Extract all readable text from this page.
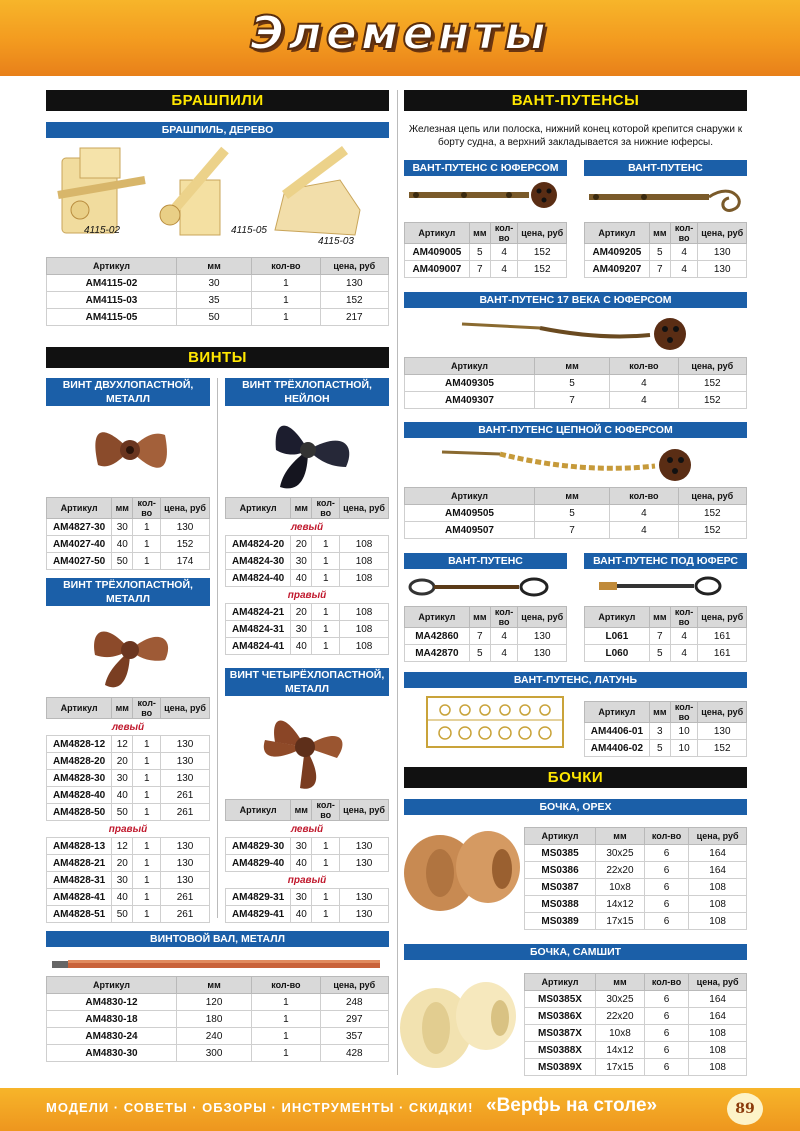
Элементы
БРАШПИЛИ
БРАШПИЛЬ, ДЕРЕВО
4115-02	4115-05
4115-03
Артикул	мм	кол-во	цена, руб
AM4115-02	30	1	130
AM4115-03	35	1	152
AM4115-05	50	1	217
ВИНТЫ
ВИНТ ДВУХЛОПАСТНОЙ, МЕТАЛЛ
Артикул	мм	кол-во	цена, руб
AM4827-30	30	1	130
AM4027-40	40	1	152
AM4027-50	50	1	174
ВИНТ ТРЁХЛОПАСТНОЙ, МЕТАЛЛ
Артикул	мм	кол-во	цена, руб
левый			
AM4828-12	12	1	130
AM4828-20	20	1	130
AM4828-30	30	1	130
AM4828-40	40	1	261
AM4828-50	50	1	261
правый			
AM4828-13	12	1	130
AM4828-21	20	1	130
AM4828-31	30	1	130
AM4828-41	40	1	261
AM4828-51	50	1	261
ВИНТ ТРЁХЛОПАСТНОЙ, НЕЙЛОН
Артикул	мм	кол-во	цена, руб
левый			
AM4824-20	20	1	108
AM4824-30	30	1	108
AM4824-40	40	1	108
правый			
AM4824-21	20	1	108
AM4824-31	30	1	108
AM4824-41	40	1	108
ВИНТ ЧЕТЫРЁХЛОПАСТНОЙ, МЕТАЛЛ
Артикул	мм	кол-во	цена, руб
левый			
AM4829-30	30	1	130
AM4829-40	40	1	130
правый			
AM4829-31	30	1	130
AM4829-41	40	1	130
ВИНТОВОЙ ВАЛ, МЕТАЛЛ
Артикул	мм	кол-во	цена, руб
AM4830-12	120	1	248
AM4830-18	180	1	297
AM4830-24	240	1	357
AM4830-30	300	1	428
ВАНТ-ПУТЕНСЫ
Железная цепь или полоска, нижний конец которой крепится снаружи к борту судна, а верхний закладывается за нижние юферсы.
ВАНТ-ПУТЕНС С ЮФЕРСОМ
Артикул	мм	кол-во	цена, руб
AM409005	5	4	152
AM409007	7	4	152
ВАНТ-ПУТЕНС
Артикул	мм	кол-во	цена, руб
AM409205	5	4	130
AM409207	7	4	130
ВАНТ-ПУТЕНС 17 ВЕКА С ЮФЕРСОМ
Артикул	мм	кол-во	цена, руб
AM409305	5	4	152
AM409307	7	4	152
ВАНТ-ПУТЕНС ЦЕПНОЙ С ЮФЕРСОМ
Артикул	мм	кол-во	цена, руб
AM409505	5	4	152
AM409507	7	4	152
ВАНТ-ПУТЕНС
Артикул	мм	кол-во	цена, руб
MA42860	7	4	130
MA42870	5	4	130
ВАНТ-ПУТЕНС ПОД ЮФЕРС
Артикул	мм	кол-во	цена, руб
L061	7	4	161
L060	5	4	161
ВАНТ-ПУТЕНС, ЛАТУНЬ
Артикул	мм	кол-во	цена, руб
AM4406-01	3	10	130
AM4406-02	5	10	152
БОЧКИ
БОЧКА, ОРЕХ
Артикул	мм	кол-во	цена, руб
MS0385	30x25	6	164
MS0386	22x20	6	164
MS0387	10x8	6	108
MS0388	14x12	6	108
MS0389	17x15	6	108
БОЧКА, САМШИТ
Артикул	мм	кол-во	цена, руб
MS0385X	30x25	6	164
MS0386X	22x20	6	164
MS0387X	10x8	6	108
MS0388X	14x12	6	108
MS0389X	17x15	6	108
МОДЕЛИ · СОВЕТЫ · ОБЗОРЫ · ИНСТРУМЕНТЫ · СКИДКИ! «Верфь на столе»	89
